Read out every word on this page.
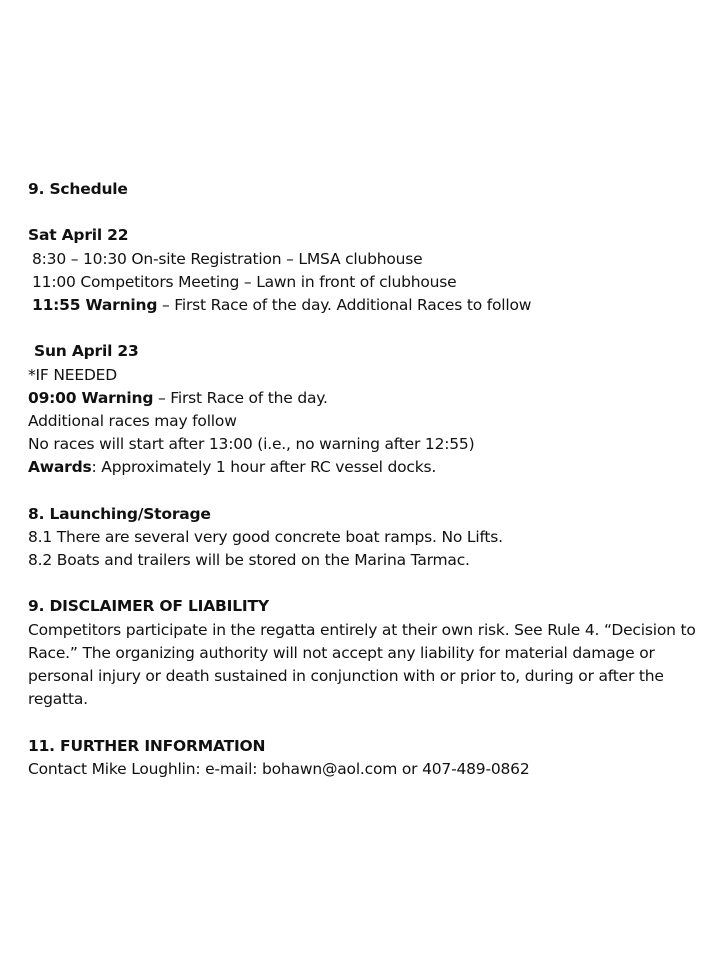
9. Schedule
Sat April 22
8:30 – 10:30 On-site Registration – LMSA clubhouse
11:00 Competitors Meeting – Lawn in front of clubhouse
11:55 Warning – First Race of the day. Additional Races to follow
Sun April 23
*IF NEEDED
09:00 Warning – First Race of the day.
Additional races may follow
No races will start after 13:00 (i.e., no warning after 12:55)
Awards: Approximately 1 hour after RC vessel docks.
8. Launching/Storage
8.1 There are several very good concrete boat ramps. No Lifts.
8.2 Boats and trailers will be stored on the Marina Tarmac.
9. DISCLAIMER OF LIABILITY
Competitors participate in the regatta entirely at their own risk. See Rule 4. “Decision to Race.” The organizing authority will not accept any liability for material damage or personal injury or death sustained in conjunction with or prior to, during or after the regatta.
11. FURTHER INFORMATION
Contact Mike Loughlin: e-mail: bohawn@aol.com or 407-489-0862
